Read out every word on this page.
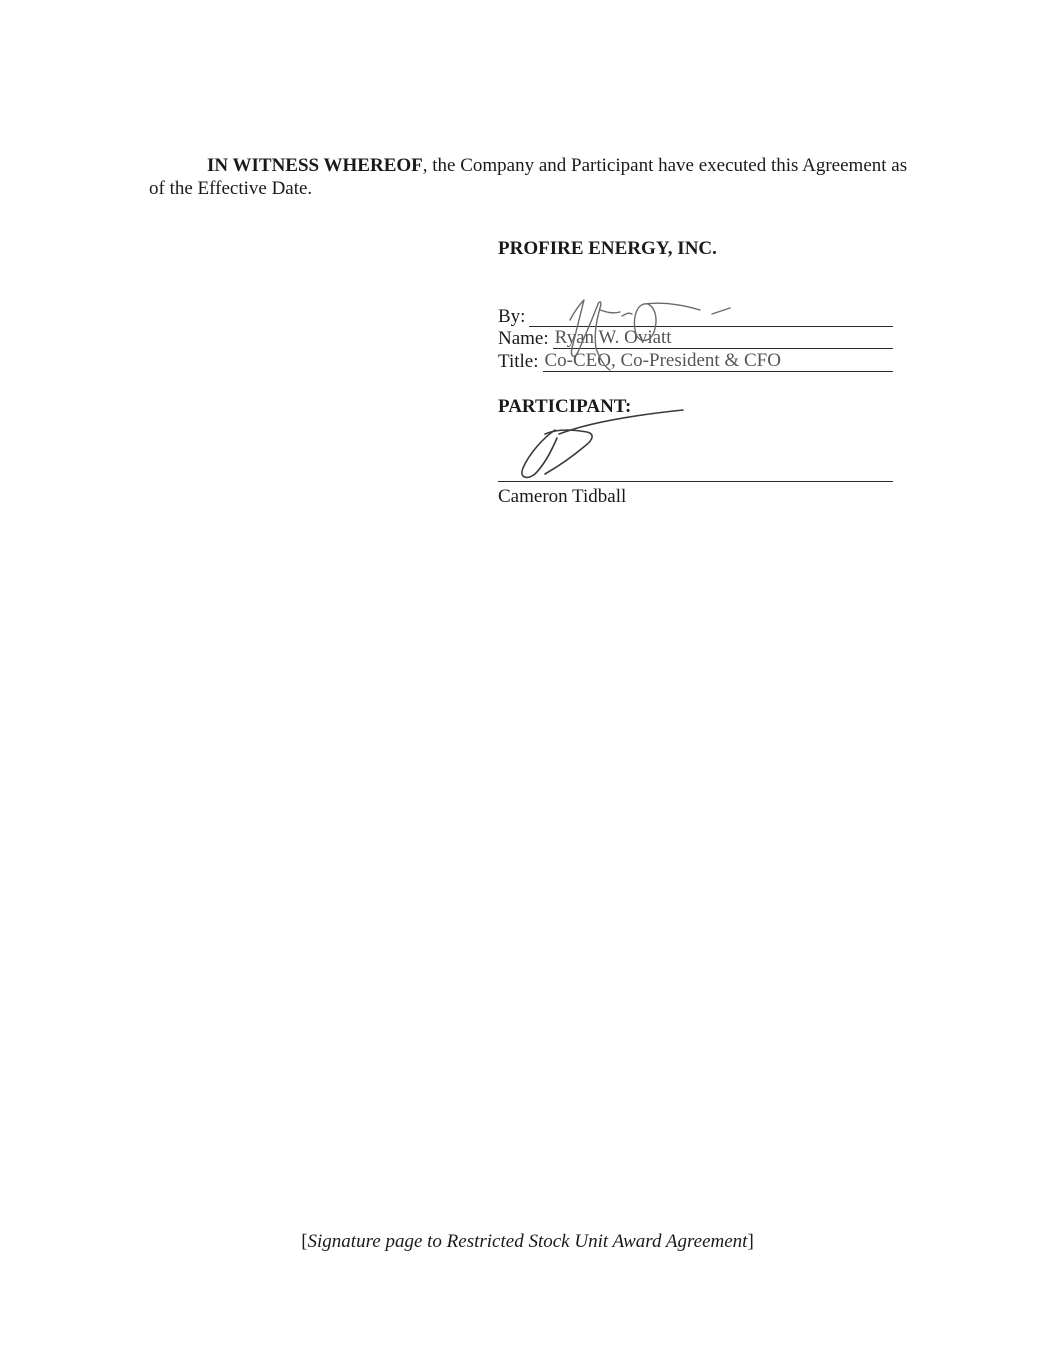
IN WITNESS WHEREOF, the Company and Participant have executed this Agreement as of the Effective Date.

PROFIRE ENERGY, INC.

By:
Name: Ryan W. Oviatt
Title: Co-CEO, Co-President & CFO

PARTICIPANT:

Cameron Tidball

[Signature page to Restricted Stock Unit Award Agreement]
